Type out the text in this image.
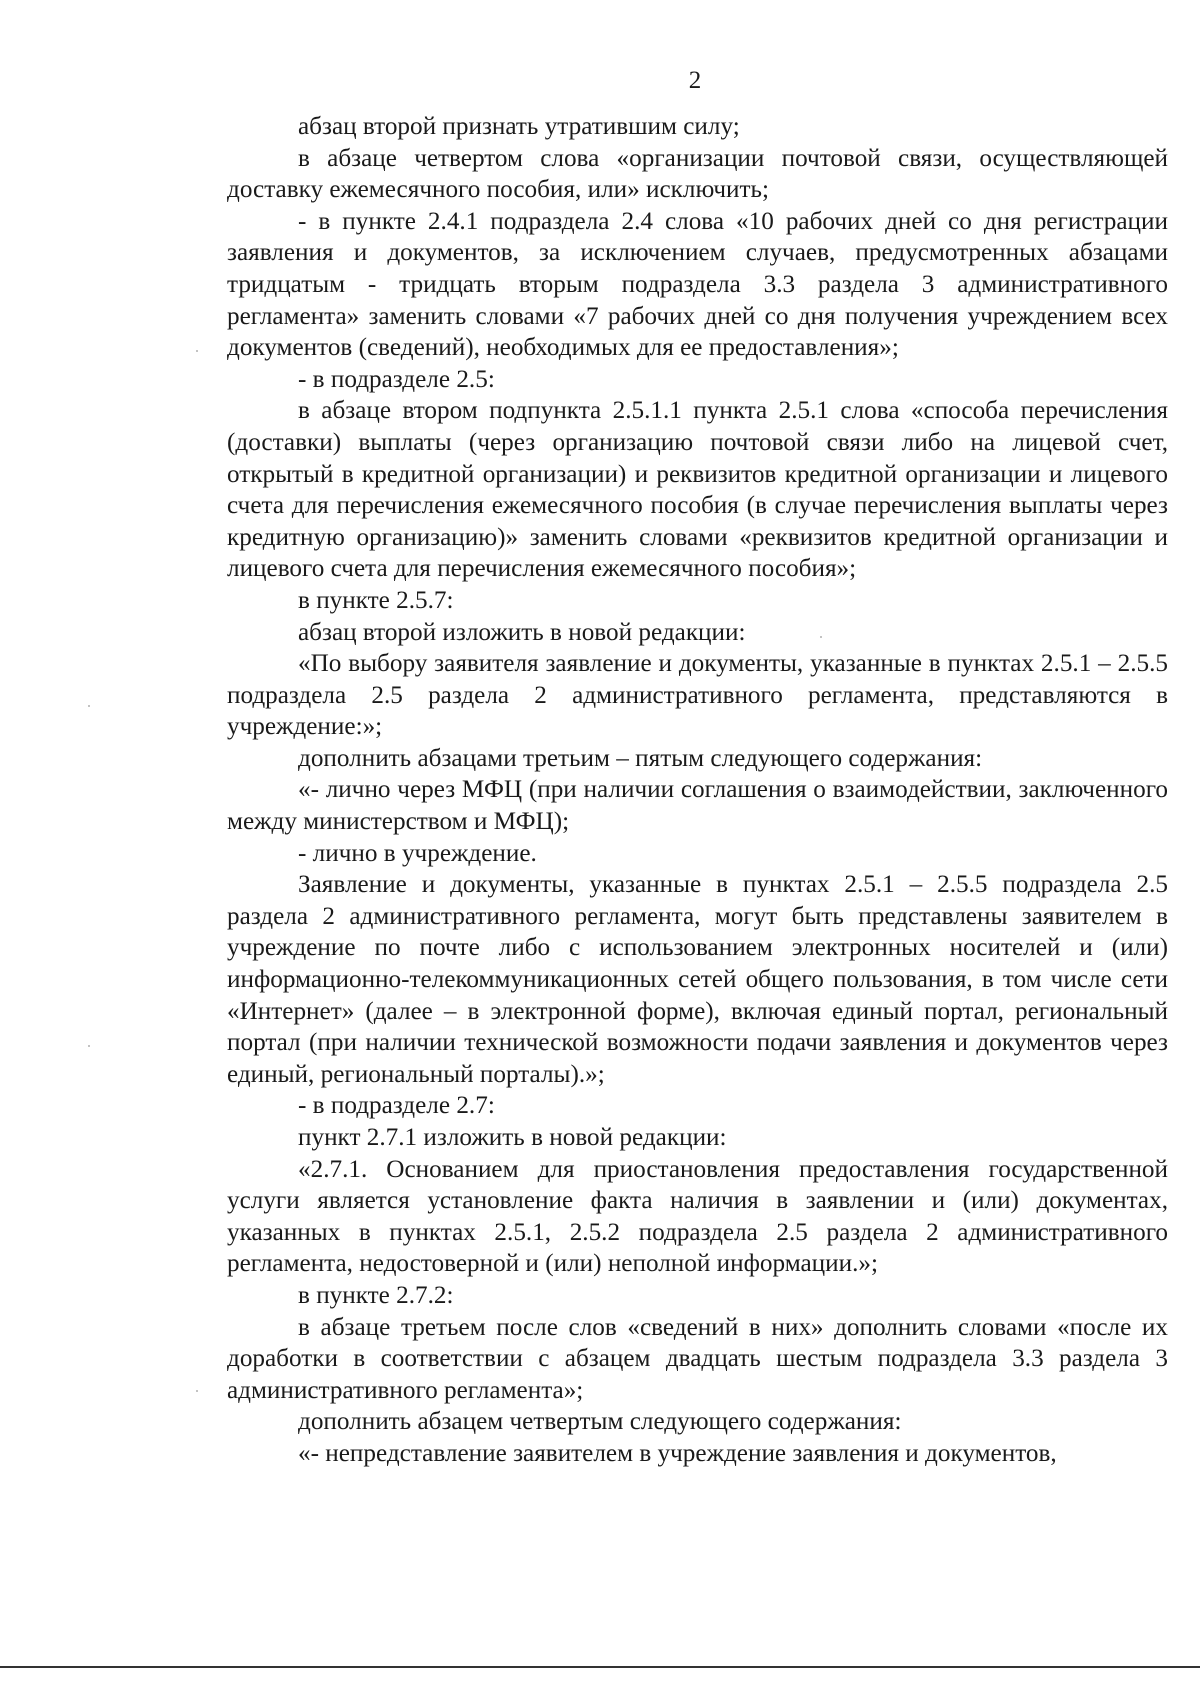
2

абзац второй признать утратившим силу;

в абзаце четвертом слова «организации почтовой связи, осуществляющей доставку ежемесячного пособия, или» исключить;

- в пункте 2.4.1 подраздела 2.4 слова «10 рабочих дней со дня регистрации заявления и документов, за исключением случаев, предусмотренных абзацами тридцатым - тридцать вторым подраздела 3.3 раздела 3 административного регламента» заменить словами «7 рабочих дней со дня получения учреждением всех документов (сведений), необходимых для ее предоставления»;

- в подразделе 2.5:

в абзаце втором подпункта 2.5.1.1 пункта 2.5.1 слова «способа перечисления (доставки) выплаты (через организацию почтовой связи либо на лицевой счет, открытый в кредитной организации) и реквизитов кредитной организации и лицевого счета для перечисления ежемесячного пособия (в случае перечисления выплаты через кредитную организацию)» заменить словами «реквизитов кредитной организации и лицевого счета для перечисления ежемесячного пособия»;

в пункте 2.5.7:

абзац второй изложить в новой редакции:

«По выбору заявителя заявление и документы, указанные в пунктах 2.5.1 – 2.5.5 подраздела 2.5 раздела 2 административного регламента, представляются в учреждение:»;

дополнить абзацами третьим – пятым следующего содержания:

«- лично через МФЦ (при наличии соглашения о взаимодействии, заключенного между министерством и МФЦ);

- лично в учреждение.

Заявление и документы, указанные в пунктах 2.5.1 – 2.5.5 подраздела 2.5 раздела 2 административного регламента, могут быть представлены заявителем в учреждение по почте либо с использованием электронных носителей и (или) информационно-телекоммуникационных сетей общего пользования, в том числе сети «Интернет» (далее – в электронной форме), включая единый портал, региональный портал (при наличии технической возможности подачи заявления и документов через единый, региональный порталы).»;

- в подразделе 2.7:

пункт 2.7.1 изложить в новой редакции:

«2.7.1. Основанием для приостановления предоставления государственной услуги является установление факта наличия в заявлении и (или) документах, указанных в пунктах 2.5.1, 2.5.2 подраздела 2.5 раздела 2 административного регламента, недостоверной и (или) неполной информации.»;

в пункте 2.7.2:

в абзаце третьем после слов «сведений в них» дополнить словами «после их доработки в соответствии с абзацем двадцать шестым подраздела 3.3 раздела 3 административного регламента»;

дополнить абзацем четвертым следующего содержания:

«- непредставление заявителем в учреждение заявления и документов,
